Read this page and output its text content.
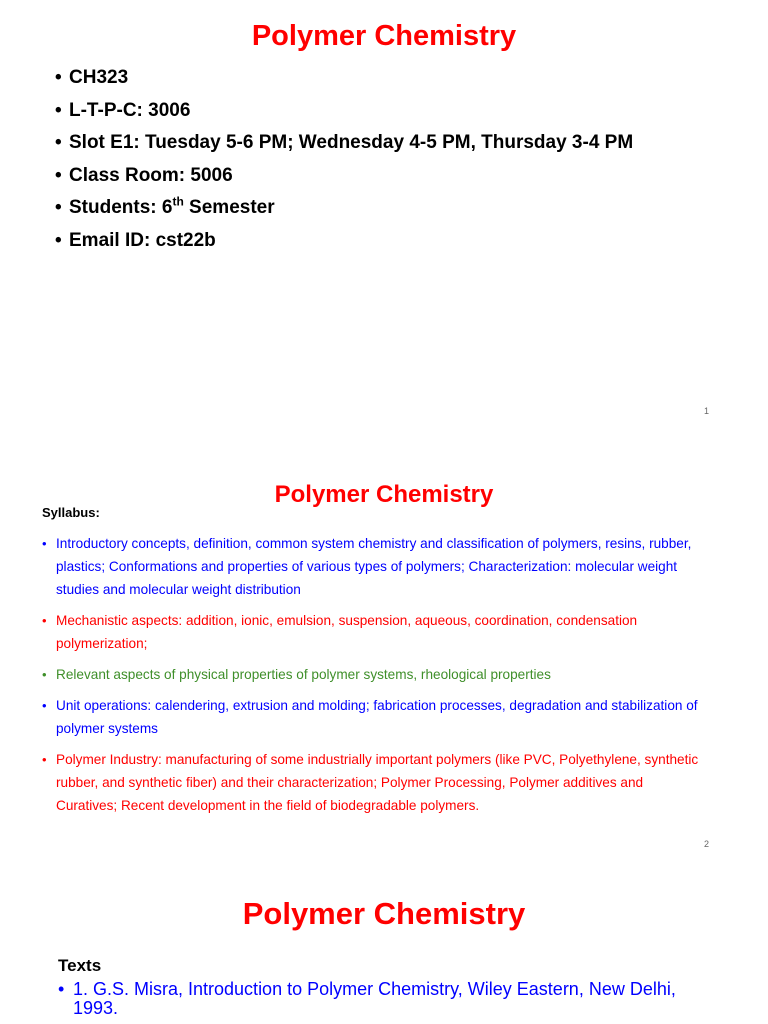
Polymer Chemistry
• CH323
• L-T-P-C: 3006
• Slot E1: Tuesday 5-6 PM; Wednesday 4-5 PM, Thursday 3-4 PM
• Class Room: 5006
• Students: 6th Semester
• Email ID: cst22b
1
Polymer Chemistry

Syllabus:

• Introductory concepts, definition, common system chemistry and classification of polymers, resins, rubber, plastics; Conformations and properties of various types of polymers; Characterization: molecular weight studies and molecular weight distribution
• Mechanistic aspects: addition, ionic, emulsion, suspension, aqueous, coordination, condensation polymerization;
• Relevant aspects of physical properties of polymer systems, rheological properties
• Unit operations: calendering, extrusion and molding; fabrication processes, degradation and stabilization of polymer systems
• Polymer Industry: manufacturing of some industrially important polymers (like PVC, Polyethylene, synthetic rubber, and synthetic fiber) and their characterization; Polymer Processing, Polymer additives and Curatives; Recent development in the field of biodegradable polymers.
2
Polymer Chemistry

Texts

• 1. G.S. Misra, Introduction to Polymer Chemistry, Wiley Eastern, New Delhi, 1993.
